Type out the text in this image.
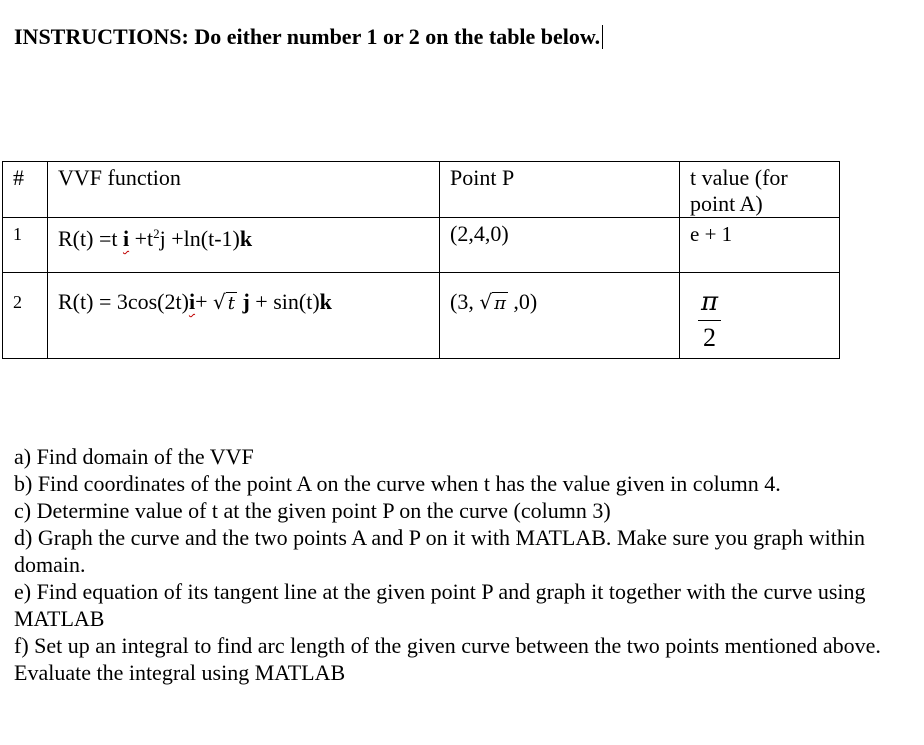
INSTRUCTIONS: Do either number 1 or 2 on the table below.
#	VVF function	Point P	t value (for point A)
1	R(t) =t $i +t^2j +\ln(t-1)k$	(2,4,0)	e + 1
2	R(t) = 3cos(2t)i+ √ t j + sin(t)k	(3, √ π ,0)	$\frac{\pi}{2}$

a) Find domain of the VVF

b) Find coordinates of the point A on the curve when t has the value given in column 4.

c) Determine value of t at the given point P on the curve (column 3)

d) Graph the curve and the two points A and P on it with MATLAB. Make sure you graph within domain.

e) Find equation of its tangent line at the given point P and graph it together with the curve using MATLAB

f) Set up an integral to find arc length of the given curve between the two points mentioned above. Evaluate the integral using MATLAB
